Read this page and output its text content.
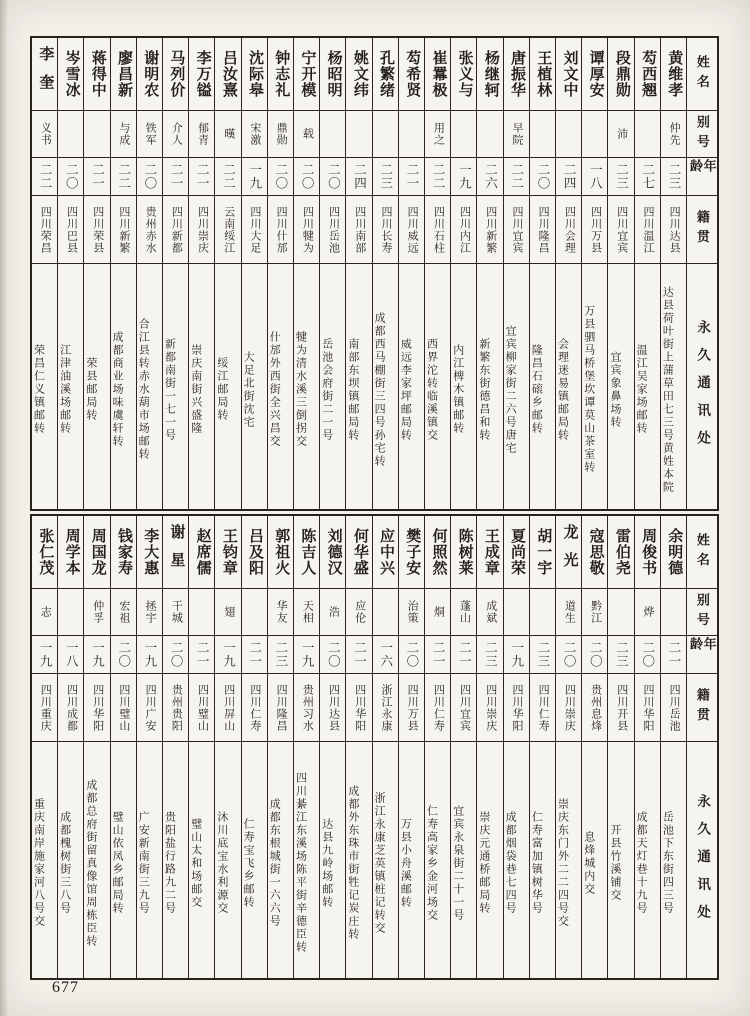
姓名
别号
年龄
籍贯
永久通讯处
黄维孝
仲先
二三
四川达县
达县荷叶街上蒲草田七三号黄姓本院
芶西翘
二七
四川温江
温江吴家场邮转
段鼎勋
沛
二三
四川宜宾
宜宾象鼻场转
谭厚安
一八
四川万县
万县驷马桥堡坎谭莫山茶室转
刘文中
二四
四川会理
会理迷易镇邮局转
王植林
二〇
四川隆昌
隆昌石磙乡邮转
唐振华
早院
二二
四川宜宾
宜宾柳家街二六号唐宅
杨继轲
二六
四川新繁
新繁东街德昌和转
张义与
一九
四川内江
内江椑木镇邮转
崔羃极
用之
二二
四川石柱
西界沱转临溪镇交
芶希贤
二一
四川威远
威远李家坪邮局转
孔繁绪
二三
四川长寿
成都西马棚街三四号孙宅转
姚文纬
二四
四川南部
南部东坝镇邮局转
杨昭明
二〇
四川岳池
岳池会府街二一号
宁开模
载
二〇
四川犍为
犍为清水溪三倒拐交
钟志礼
鼎勋
二〇
四川什邡
什邡外西街全兴昌交
沈际皋
宋激
一九
四川大足
大足北街沈宅
吕汝熹
暵
二二
云南绥江
绥江邮局转
李万镒
郁青
二一
四川崇庆
崇庆南街兴盛隆
马列价
介人
二一
四川新都
新都南街一七一号
谢明农
铁军
二〇
贵州赤水
合江县转赤水葫市场邮转
廖昌新
与成
二二
四川新繁
成都商业场味虞轩转
蒋得中
二一
四川荣县
荣县邮局转
岑雪冰
二〇
四川巴县
江津油溪场邮转
李奎
义书
二二
四川荣昌
荣昌仁义镇邮转
姓名
别号
年龄
籍贯
永久通讯处
余明德
二一
四川岳池
岳池下东街四三号
周俊书
烨
二〇
四川华阳
成都天灯巷十九号
雷伯尧
二三
四川开县
开县竹溪铺交
寇思敬
黔江
二〇
贵州息烽
息烽城内交
龙光
道生
二〇
四川崇庆
崇庆东门外二二四号交
胡一宇
二三
四川仁寿
仁寿富加镇树华号
夏尚荣
一九
四川华阳
成都烟袋巷七四号
王成章
成斌
二三
四川崇庆
崇庆元通桥邮局转
陈树莱
蓬山
二一
四川宜宾
宜宾永泉街二十一号
何照然
烔
二一
四川仁寿
仁寿高家乡金河场交
樊子安
治策
二〇
四川万县
万县小舟溪邮转
应中兴
一六
浙江永康
浙江永康芝英镇桩记转交
何华盛
应伦
二一
四川华阳
成都外东珠市街牲记炭庄转
刘德汉
浩
二〇
四川达县
达县九岭场邮转
陈吉人
天相
一九
贵州习水
四川綦江东溪场陈平街辛德臣转
郭祖火
华友
二三
四川隆昌
成都东根城街一六六号
吕及阳
二一
四川仁寿
仁寿宝飞乡邮转
王钧章
翅
一九
四川屏山
沐川底宝水利源交
赵席儒
二一
四川璧山
璧山太和场邮交
谢星
干城
二〇
贵州贵阳
贵阳盐行路九二号
李大惠
拯宇
一九
四川广安
广安新南街三九号
钱家寿
宏祖
二〇
四川璧山
璧山依凤乡邮局转
周国龙
仲孚
一九
四川华阳
成都总府街留真像馆周栋臣转
周学本
一八
四川成都
成都槐树街三八号
张仁茂
志
一九
四川重庆
重庆南岸施家河八号交
677
